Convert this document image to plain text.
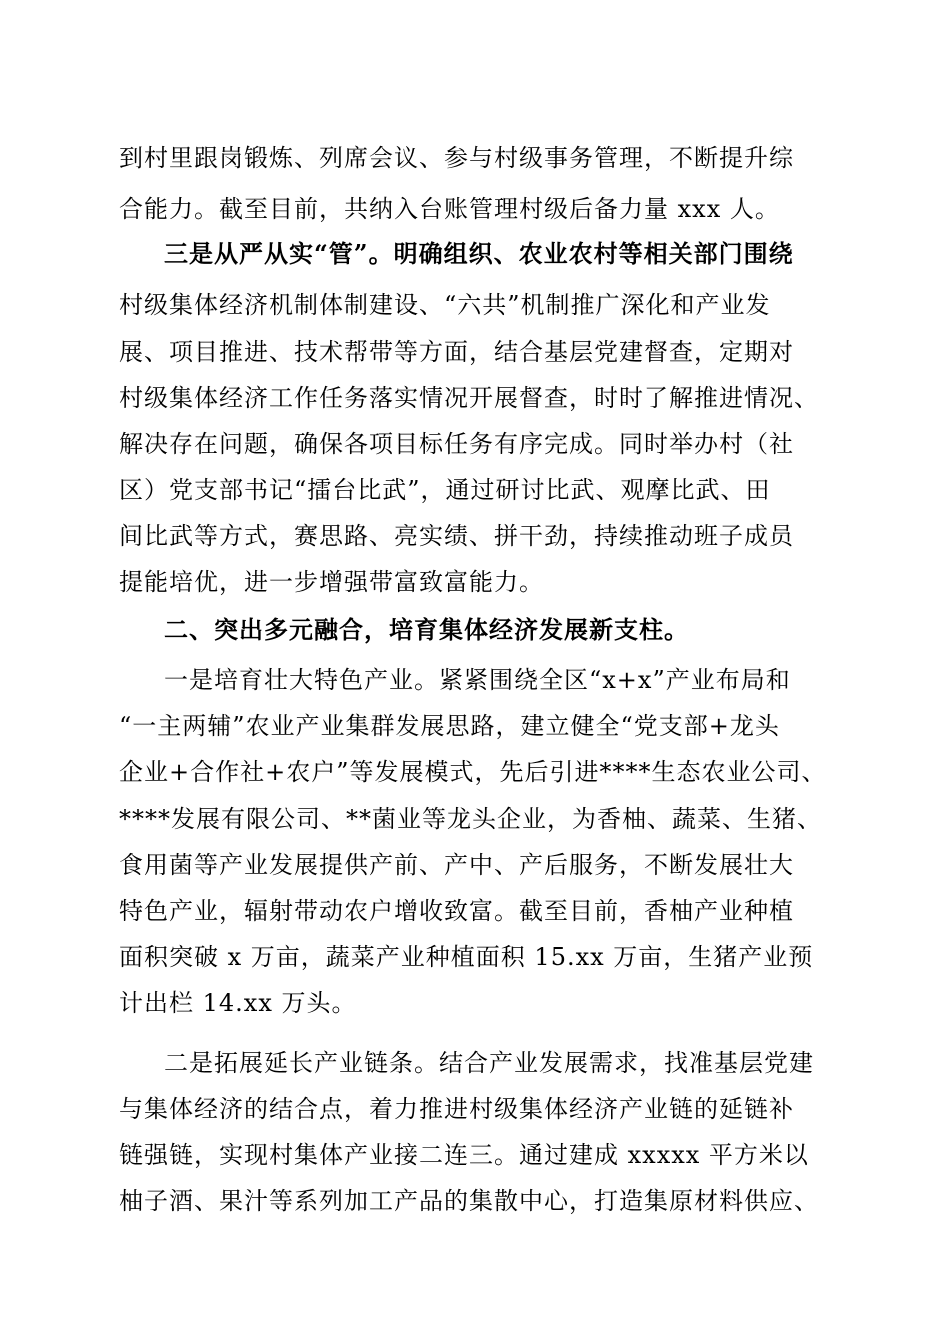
到村里跟岗锻炼、列席会议、参与村级事务管理，不断提升综
合能力。截至目前，共纳入台账管理村级后备力量 xxx 人。
三是从严从实“管”。明确组织、农业农村等相关部门围绕
村级集体经济机制体制建设、“六共”机制推广深化和产业发
展、项目推进、技术帮带等方面，结合基层党建督查，定期对
村级集体经济工作任务落实情况开展督查，时时了解推进情况、
解决存在问题，确保各项目标任务有序完成。同时举办村（社
区）党支部书记“擂台比武”，通过研讨比武、观摩比武、田
间比武等方式，赛思路、亮实绩、拼干劲，持续推动班子成员
提能培优，进一步增强带富致富能力。
二、突出多元融合，培育集体经济发展新支柱。
一是培育壮大特色产业。紧紧围绕全区“x+x”产业布局和
“一主两辅”农业产业集群发展思路，建立健全“党支部+龙头
企业+合作社+农户”等发展模式，先后引进****生态农业公司、
****发展有限公司、**菌业等龙头企业，为香柚、蔬菜、生猪、
食用菌等产业发展提供产前、产中、产后服务，不断发展壮大
特色产业，辐射带动农户增收致富。截至目前，香柚产业种植
面积突破 x 万亩，蔬菜产业种植面积 15.xx 万亩，生猪产业预
计出栏 14.xx 万头。
二是拓展延长产业链条。结合产业发展需求，找准基层党建
与集体经济的结合点，着力推进村级集体经济产业链的延链补
链强链，实现村集体产业接二连三。通过建成 xxxxx 平方米以
柚子酒、果汁等系列加工产品的集散中心，打造集原材料供应、
